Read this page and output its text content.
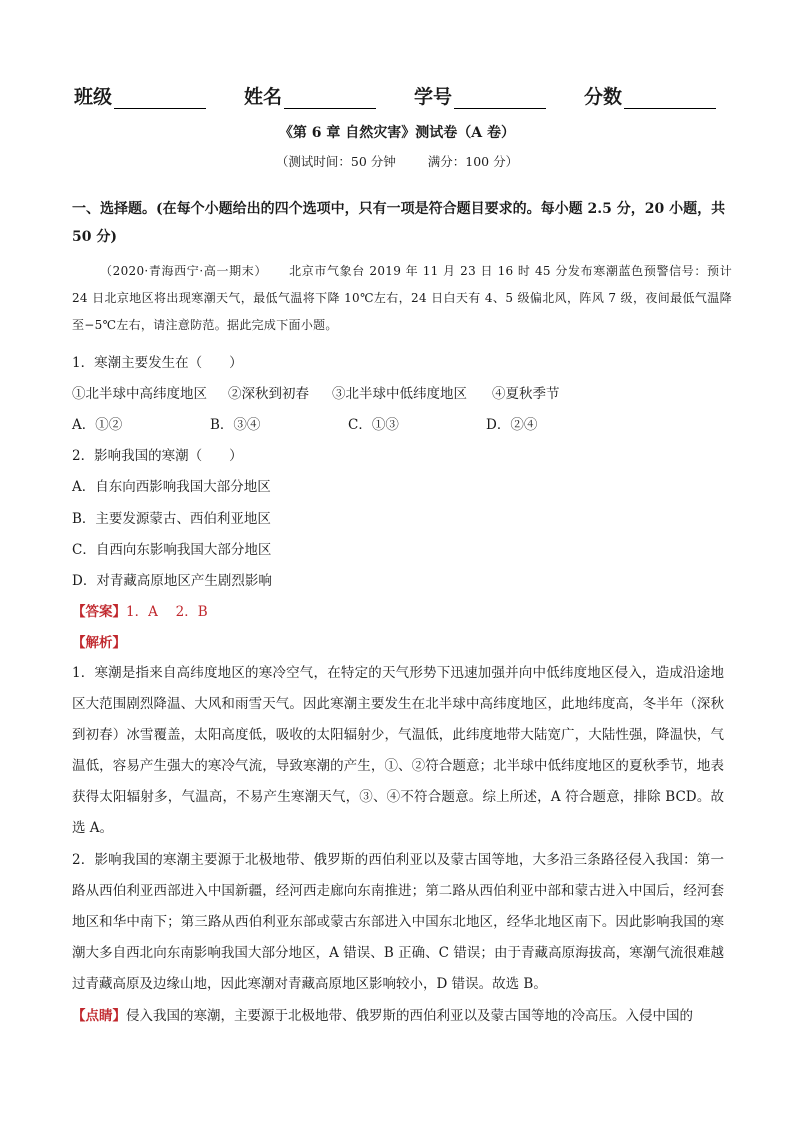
班级	姓名	学号	分数
《第 6 章 自然灾害》测试卷（A 卷）
（测试时间：50 分钟	满分：100 分）
一、选择题。(在每个小题给出的四个选项中，只有一项是符合题目要求的。每小题 2.5 分，20 小题，共 50 分)
（2020·青海西宁·高一期末） 北京市气象台 2019 年 11 月 23 日 16 时 45 分发布寒潮蓝色预警信号：预计 24 日北京地区将出现寒潮天气，最低气温将下降 10℃左右，24 日白天有 4、5 级偏北风，阵风 7 级，夜间最低气温降至−5℃左右，请注意防范。据此完成下面小题。
1．寒潮主要发生在（　　）
①北半球中高纬度地区 ②深秋到初春 ③北半球中低纬度地区 ④夏秋季节
A．①②	B．③④	C．①③	D．②④
2．影响我国的寒潮（　　）
A．自东向西影响我国大部分地区
B．主要发源蒙古、西伯利亚地区
C．自西向东影响我国大部分地区
D．对青藏高原地区产生剧烈影响
【答案】1．A　 2．B
【解析】
1．寒潮是指来自高纬度地区的寒冷空气，在特定的天气形势下迅速加强并向中低纬度地区侵入，造成沿途地区大范围剧烈降温、大风和雨雪天气。因此寒潮主要发生在北半球中高纬度地区，此地纬度高，冬半年（深秋到初春）冰雪覆盖，太阳高度低，吸收的太阳辐射少，气温低，此纬度地带大陆宽广，大陆性强，降温快，气温低，容易产生强大的寒冷气流，导致寒潮的产生，①、②符合题意；北半球中低纬度地区的夏秋季节，地表获得太阳辐射多，气温高，不易产生寒潮天气，③、④不符合题意。综上所述，A 符合题意，排除 BCD。故选 A。
2．影响我国的寒潮主要源于北极地带、俄罗斯的西伯利亚以及蒙古国等地，大多沿三条路径侵入我国：第一路从西伯利亚西部进入中国新疆，经河西走廊向东南推进；第二路从西伯利亚中部和蒙古进入中国后，经河套地区和华中南下；第三路从西伯利亚东部或蒙古东部进入中国东北地区，经华北地区南下。因此影响我国的寒潮大多自西北向东南影响我国大部分地区，A 错误、B 正确、C 错误；由于青藏高原海拔高，寒潮气流很难越过青藏高原及边缘山地，因此寒潮对青藏高原地区影响较小，D 错误。故选 B。
【点睛】侵入我国的寒潮，主要源于北极地带、俄罗斯的西伯利亚以及蒙古国等地的冷高压。入侵中国的
